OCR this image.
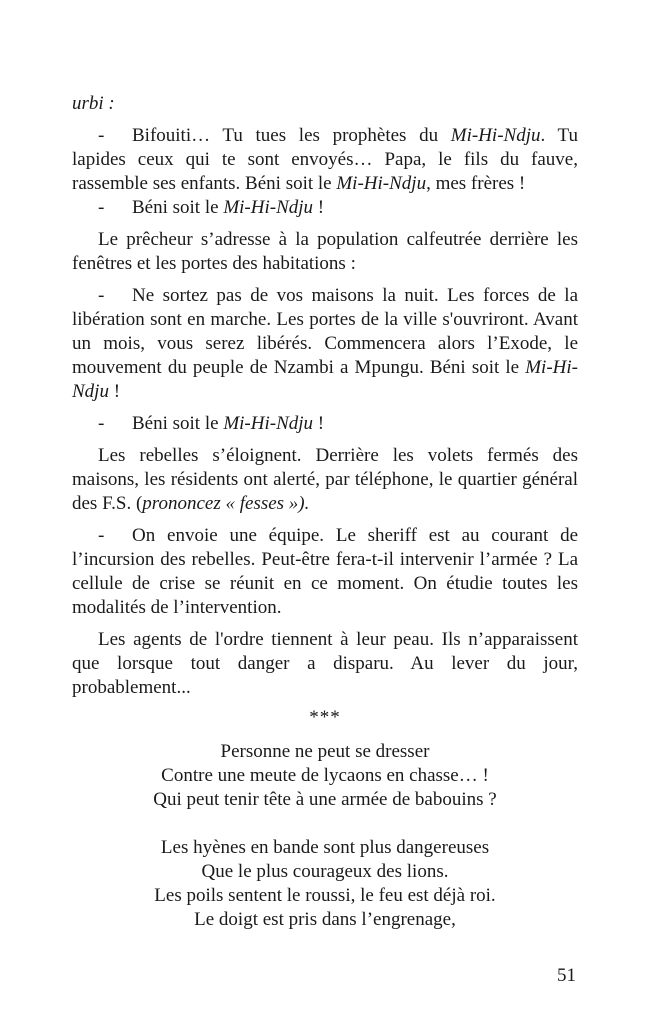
urbi :

- Bifouiti… Tu tues les prophètes du Mi-Hi-Ndju. Tu lapides ceux qui te sont envoyés… Papa, le fils du fauve, rassemble ses enfants. Béni soit le Mi-Hi-Ndju, mes frères !

- Béni soit le Mi-Hi-Ndju !

Le prêcheur s’adresse à la population calfeutrée derrière les fenêtres et les portes des habitations :

- Ne sortez pas de vos maisons la nuit. Les forces de la libération sont en marche. Les portes de la ville s'ouvriront. Avant un mois, vous serez libérés. Commencera alors l’Exode, le mouvement du peuple de Nzambi a Mpungu. Béni soit le Mi-Hi-Ndju !

- Béni soit le Mi-Hi-Ndju !

Les rebelles s’éloignent. Derrière les volets fermés des maisons, les résidents ont alerté, par téléphone, le quartier général des F.S. (prononcez « fesses »).

- On envoie une équipe. Le sheriff est au courant de l’incursion des rebelles. Peut-être fera-t-il intervenir l’armée ? La cellule de crise se réunit en ce moment. On étudie toutes les modalités de l’intervention.

Les agents de l'ordre tiennent à leur peau. Ils n’apparaissent que lorsque tout danger a disparu. Au lever du jour, probablement...

***

Personne ne peut se dresser

Contre une meute de lycaons en chasse… !

Qui peut tenir tête à une armée de babouins ?

Les hyènes en bande sont plus dangereuses

Que le plus courageux des lions.

Les poils sentent le roussi, le feu est déjà roi.

Le doigt est pris dans l’engrenage,

51
